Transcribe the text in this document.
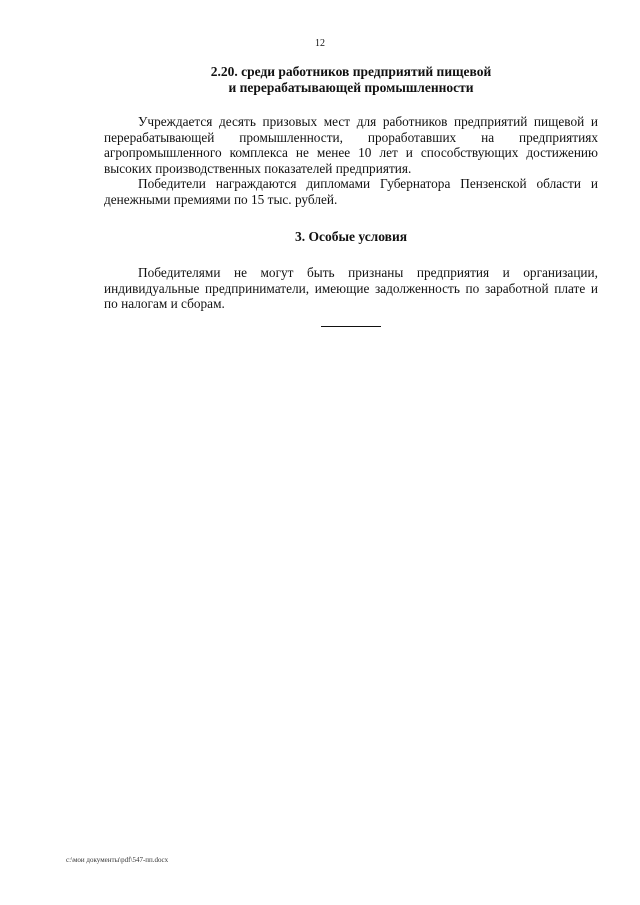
12
2.20. среди работников предприятий пищевой
и перерабатывающей промышленности

Учреждается десять призовых мест для работников предприятий пищевой и перерабатывающей промышленности, проработавших на предприятиях агропромышленного комплекса не менее 10 лет и способствующих достижению высоких производственных показателей предприятия.

Победители награждаются дипломами Губернатора Пензенской области и денежными премиями по 15 тыс. рублей.

3. Особые условия

Победителями не могут быть признаны предприятия и организации, индивидуальные предприниматели, имеющие задолженность по заработной плате и по налогам и сборам.

c:\мои документы\pdf\547-пп.docx
